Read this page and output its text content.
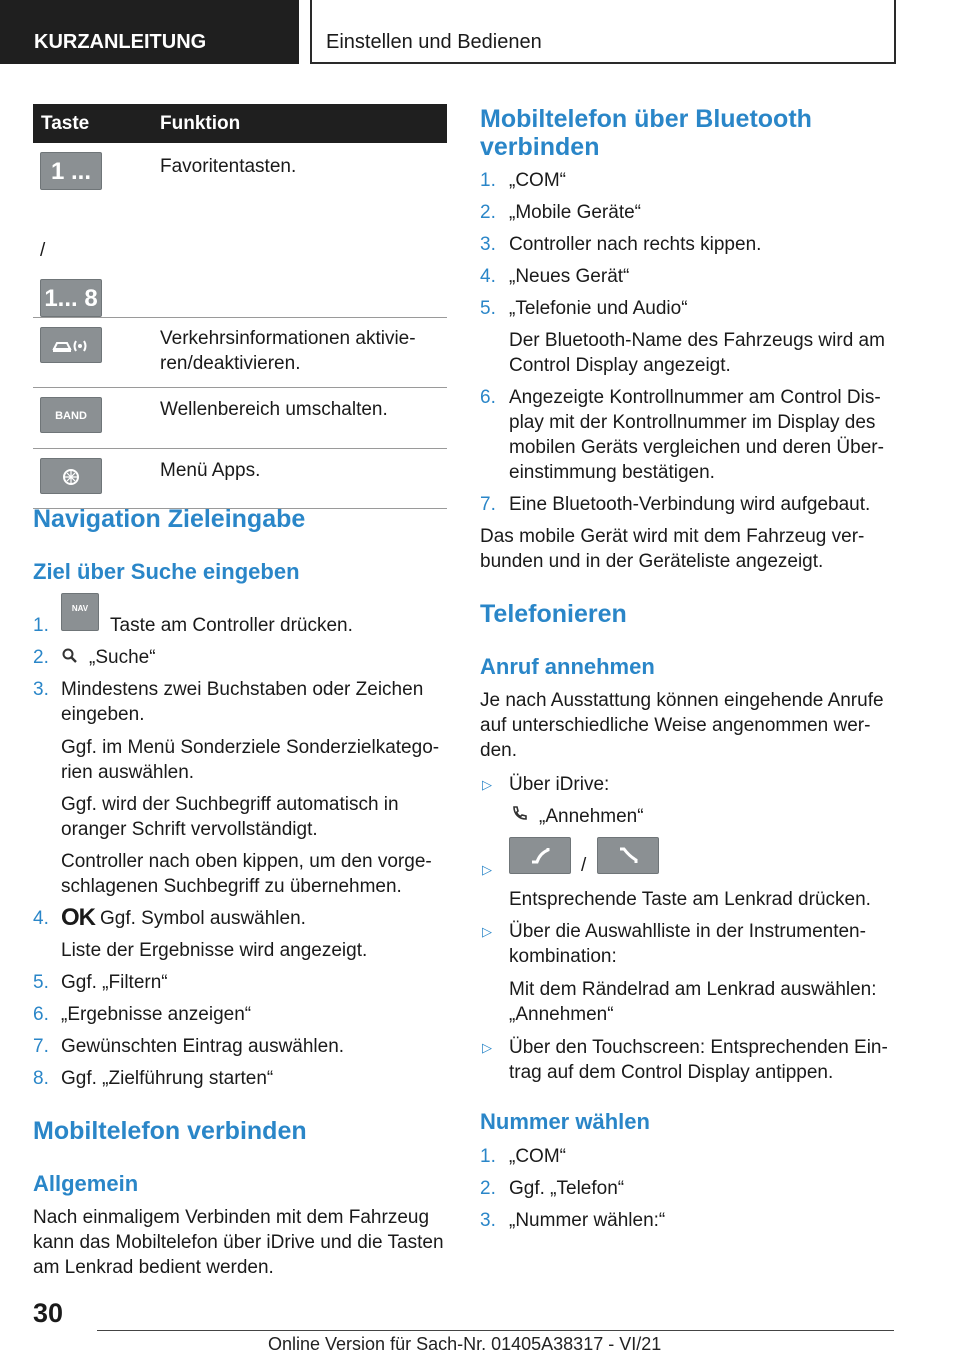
KURZANLEITUNG	Einstellen und Bedienen
Taste	Funktion
1 ... 7
/
1... 8	Favoritentasten.
	Verkehrsinformationen aktivie-ren/deaktivieren.
BAND	Wellenbereich umschalten.
	Menü Apps.
Navigation Zieleingabe
Ziel über Suche eingeben
1.
NAV

Taste am Controller drücken.

2. „Suche“

3. Mindestens zwei Buchstaben oder Zeichen eingeben.

Ggf. im Menü Sonderziele Sonderzielkatego-rien auswählen.

Ggf. wird der Suchbegriff automatisch in oranger Schrift vervollständigt.

Controller nach oben kippen, um den vorge-schlagenen Suchbegriff zu übernehmen.

4. OK Ggf. Symbol auswählen.

Liste der Ergebnisse wird angezeigt.

5. Ggf. „Filtern“

6. „Ergebnisse anzeigen“

7. Gewünschten Eintrag auswählen.

8. Ggf. „Zielführung starten“

Mobiltelefon verbinden
Allgemein

Nach einmaligem Verbinden mit dem Fahrzeug kann das Mobiltelefon über iDrive und die Tasten am Lenkrad bedient werden.

Mobiltelefon über Bluetooth verbinden
1. „COM“

2. „Mobile Geräte“

3. Controller nach rechts kippen.

4. „Neues Gerät“

5. „Telefonie und Audio“

Der Bluetooth-Name des Fahrzeugs wird am Control Display angezeigt.

6. Angezeigte Kontrollnummer am Control Dis-play mit der Kontrollnummer im Display des mobilen Geräts vergleichen und deren Über-einstimmung bestätigen.

7. Eine Bluetooth-Verbindung wird aufgebaut.

Das mobile Gerät wird mit dem Fahrzeug ver-bunden und in der Geräteliste angezeigt.

Telefonieren
Anruf annehmen

Je nach Ausstattung können eingehende Anrufe auf unterschiedliche Weise angenommen wer-den.

▷ Über iDrive:

„Annehmen“

▷	/

Entsprechende Taste am Lenkrad drücken.

▷ Über die Auswahlliste in der Instrumenten-kombination:

Mit dem Rändelrad am Lenkrad auswählen: „Annehmen“

▷ Über den Touchscreen: Entsprechenden Ein-trag auf dem Control Display antippen.

Nummer wählen
1. „COM“

2. Ggf. „Telefon“

3. „Nummer wählen:“

30
Online Version für Sach-Nr. 01405A38317 - VI/21
